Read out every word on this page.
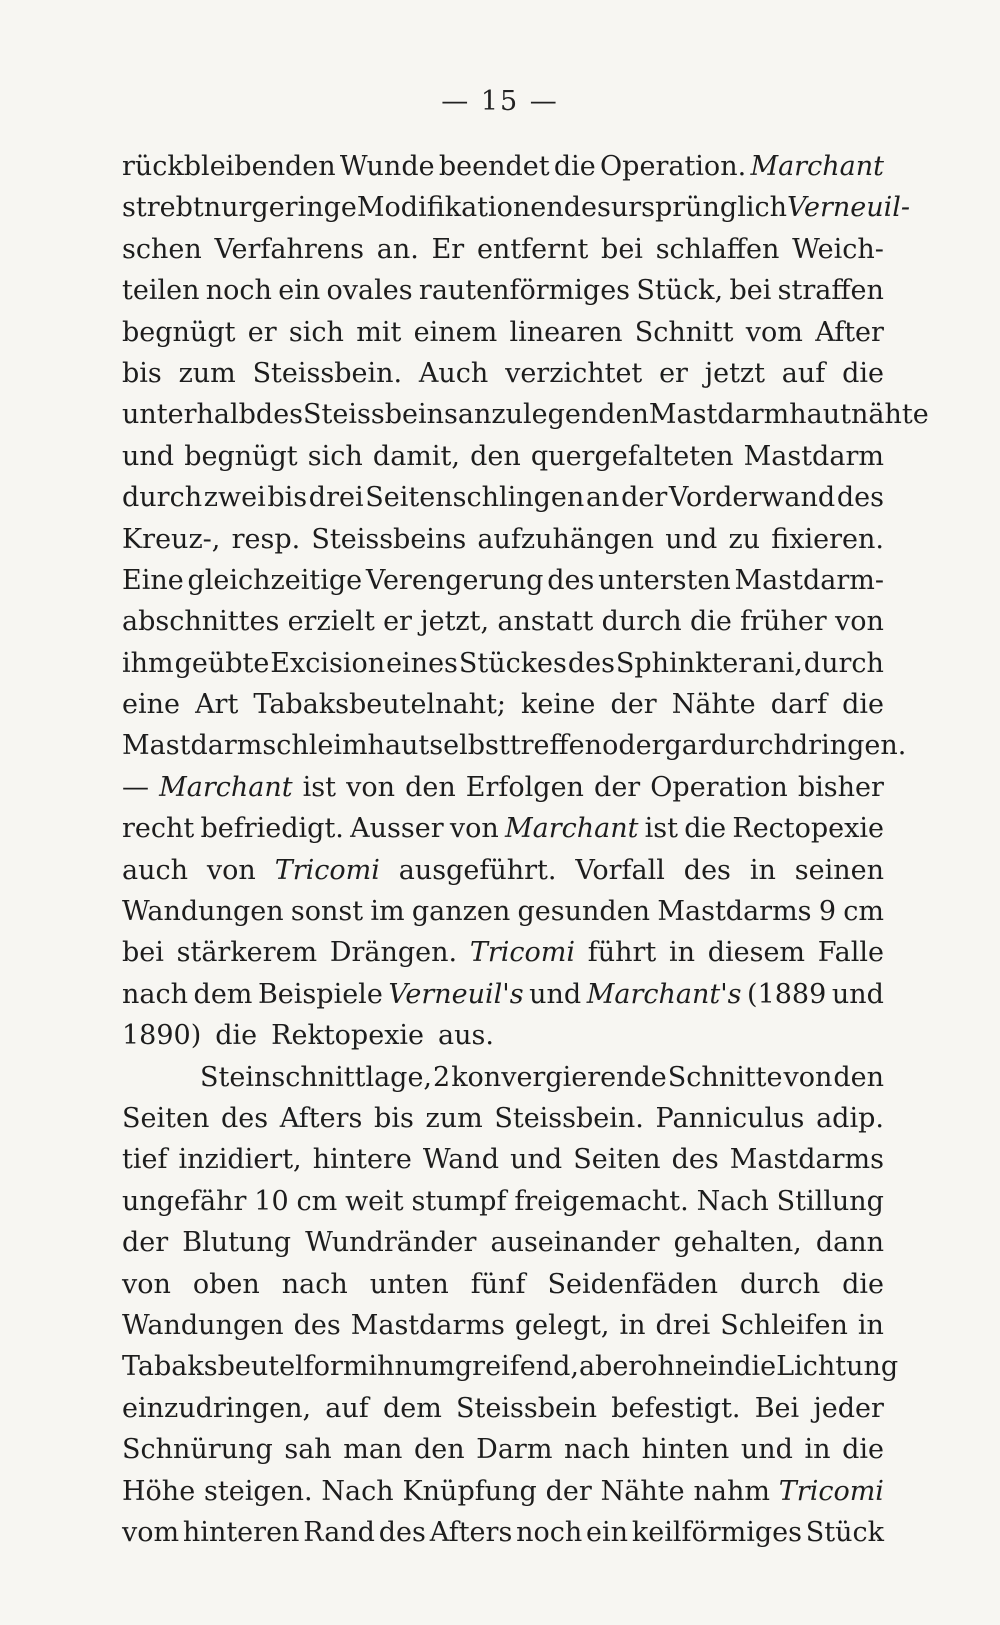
— 15 —
rückbleibenden Wunde beendet die Operation. Marchant
strebt nur geringe Modifikationen des ursprünglich Verneuil-
schen Verfahrens an. Er entfernt bei schlaffen Weich-
teilen noch ein ovales rautenförmiges Stück, bei straffen
begnügt er sich mit einem linearen Schnitt vom After
bis zum Steissbein. Auch verzichtet er jetzt auf die
unterhalb des Steissbeins anzulegenden Mastdarmhautnähte
und begnügt sich damit, den quergefalteten Mastdarm
durch zwei bis drei Seitenschlingen an der Vorderwand des
Kreuz-, resp. Steissbeins aufzuhängen und zu fixieren.
Eine gleichzeitige Verengerung des untersten Mastdarm-
abschnittes erzielt er jetzt, anstatt durch die früher von
ihm geübte Excision eines Stückes des Sphinkter ani, durch
eine Art Tabaksbeutelnaht; keine der Nähte darf die
Mastdarmschleimhaut selbst treffen oder gar durchdringen.
— Marchant ist von den Erfolgen der Operation bisher
recht befriedigt. Ausser von Marchant ist die Rectopexie
auch von Tricomi ausgeführt. Vorfall des in seinen
Wandungen sonst im ganzen gesunden Mastdarms 9 cm
bei stärkerem Drängen. Tricomi führt in diesem Falle
nach dem Beispiele Verneuil's und Marchant's (1889 und
1890) die Rektopexie aus.
Steinschnittlage, 2 konvergierende Schnitte von den
Seiten des Afters bis zum Steissbein. Panniculus adip.
tief inzidiert, hintere Wand und Seiten des Mastdarms
ungefähr 10 cm weit stumpf freigemacht. Nach Stillung
der Blutung Wundränder auseinander gehalten, dann
von oben nach unten fünf Seidenfäden durch die
Wandungen des Mastdarms gelegt, in drei Schleifen in
Tabaksbeutelform ihn umgreifend, aber ohne in die Lichtung
einzudringen, auf dem Steissbein befestigt. Bei jeder
Schnürung sah man den Darm nach hinten und in die
Höhe steigen. Nach Knüpfung der Nähte nahm Tricomi
vom hinteren Rand des Afters noch ein keilförmiges Stück
